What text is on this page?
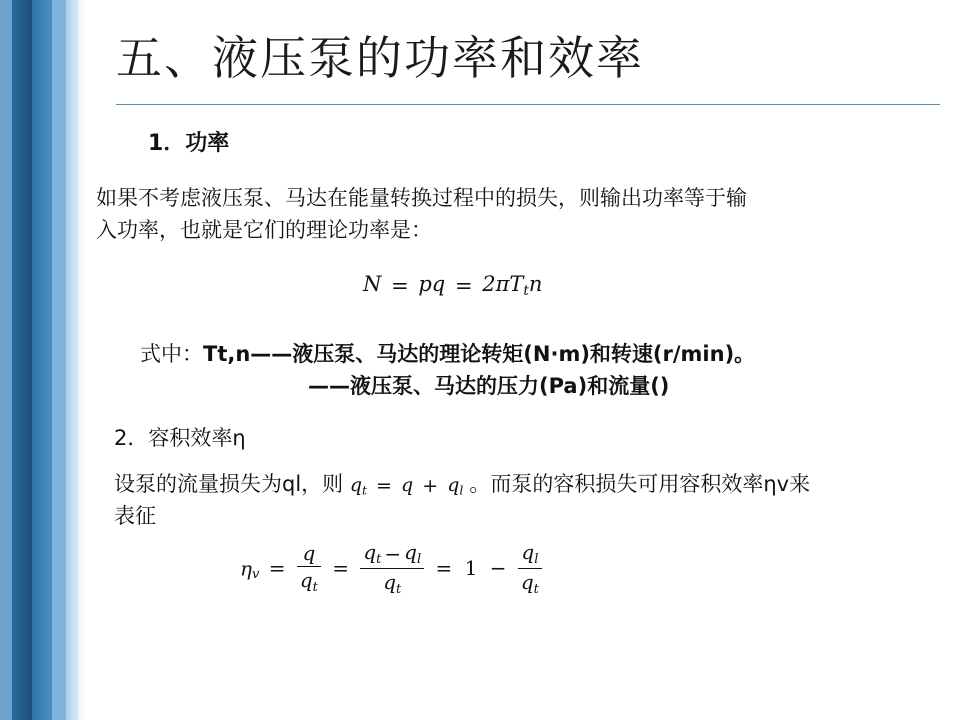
五、液压泵的功率和效率
1．功率
如果不考虑液压泵、马达在能量转换过程中的损失，则输出功率等于输
入功率，也就是它们的理论功率是：
N = pq = $2\pi T_tn$
式中：Tt,n——液压泵、马达的理论转矩(N·m)和转速(r/min)。
——液压泵、马达的压力(Pa)和流量()
2．容积效率η
设泵的流量损失为ql，则 $q_t = q + q_l$ 。而泵的容积损失可用容积效率ηv来
表征
$\eta_v = \frac{q}{q_t} = \frac{q_t - q_l}{q_t} = 1 - \frac{q_l}{q_t}$
